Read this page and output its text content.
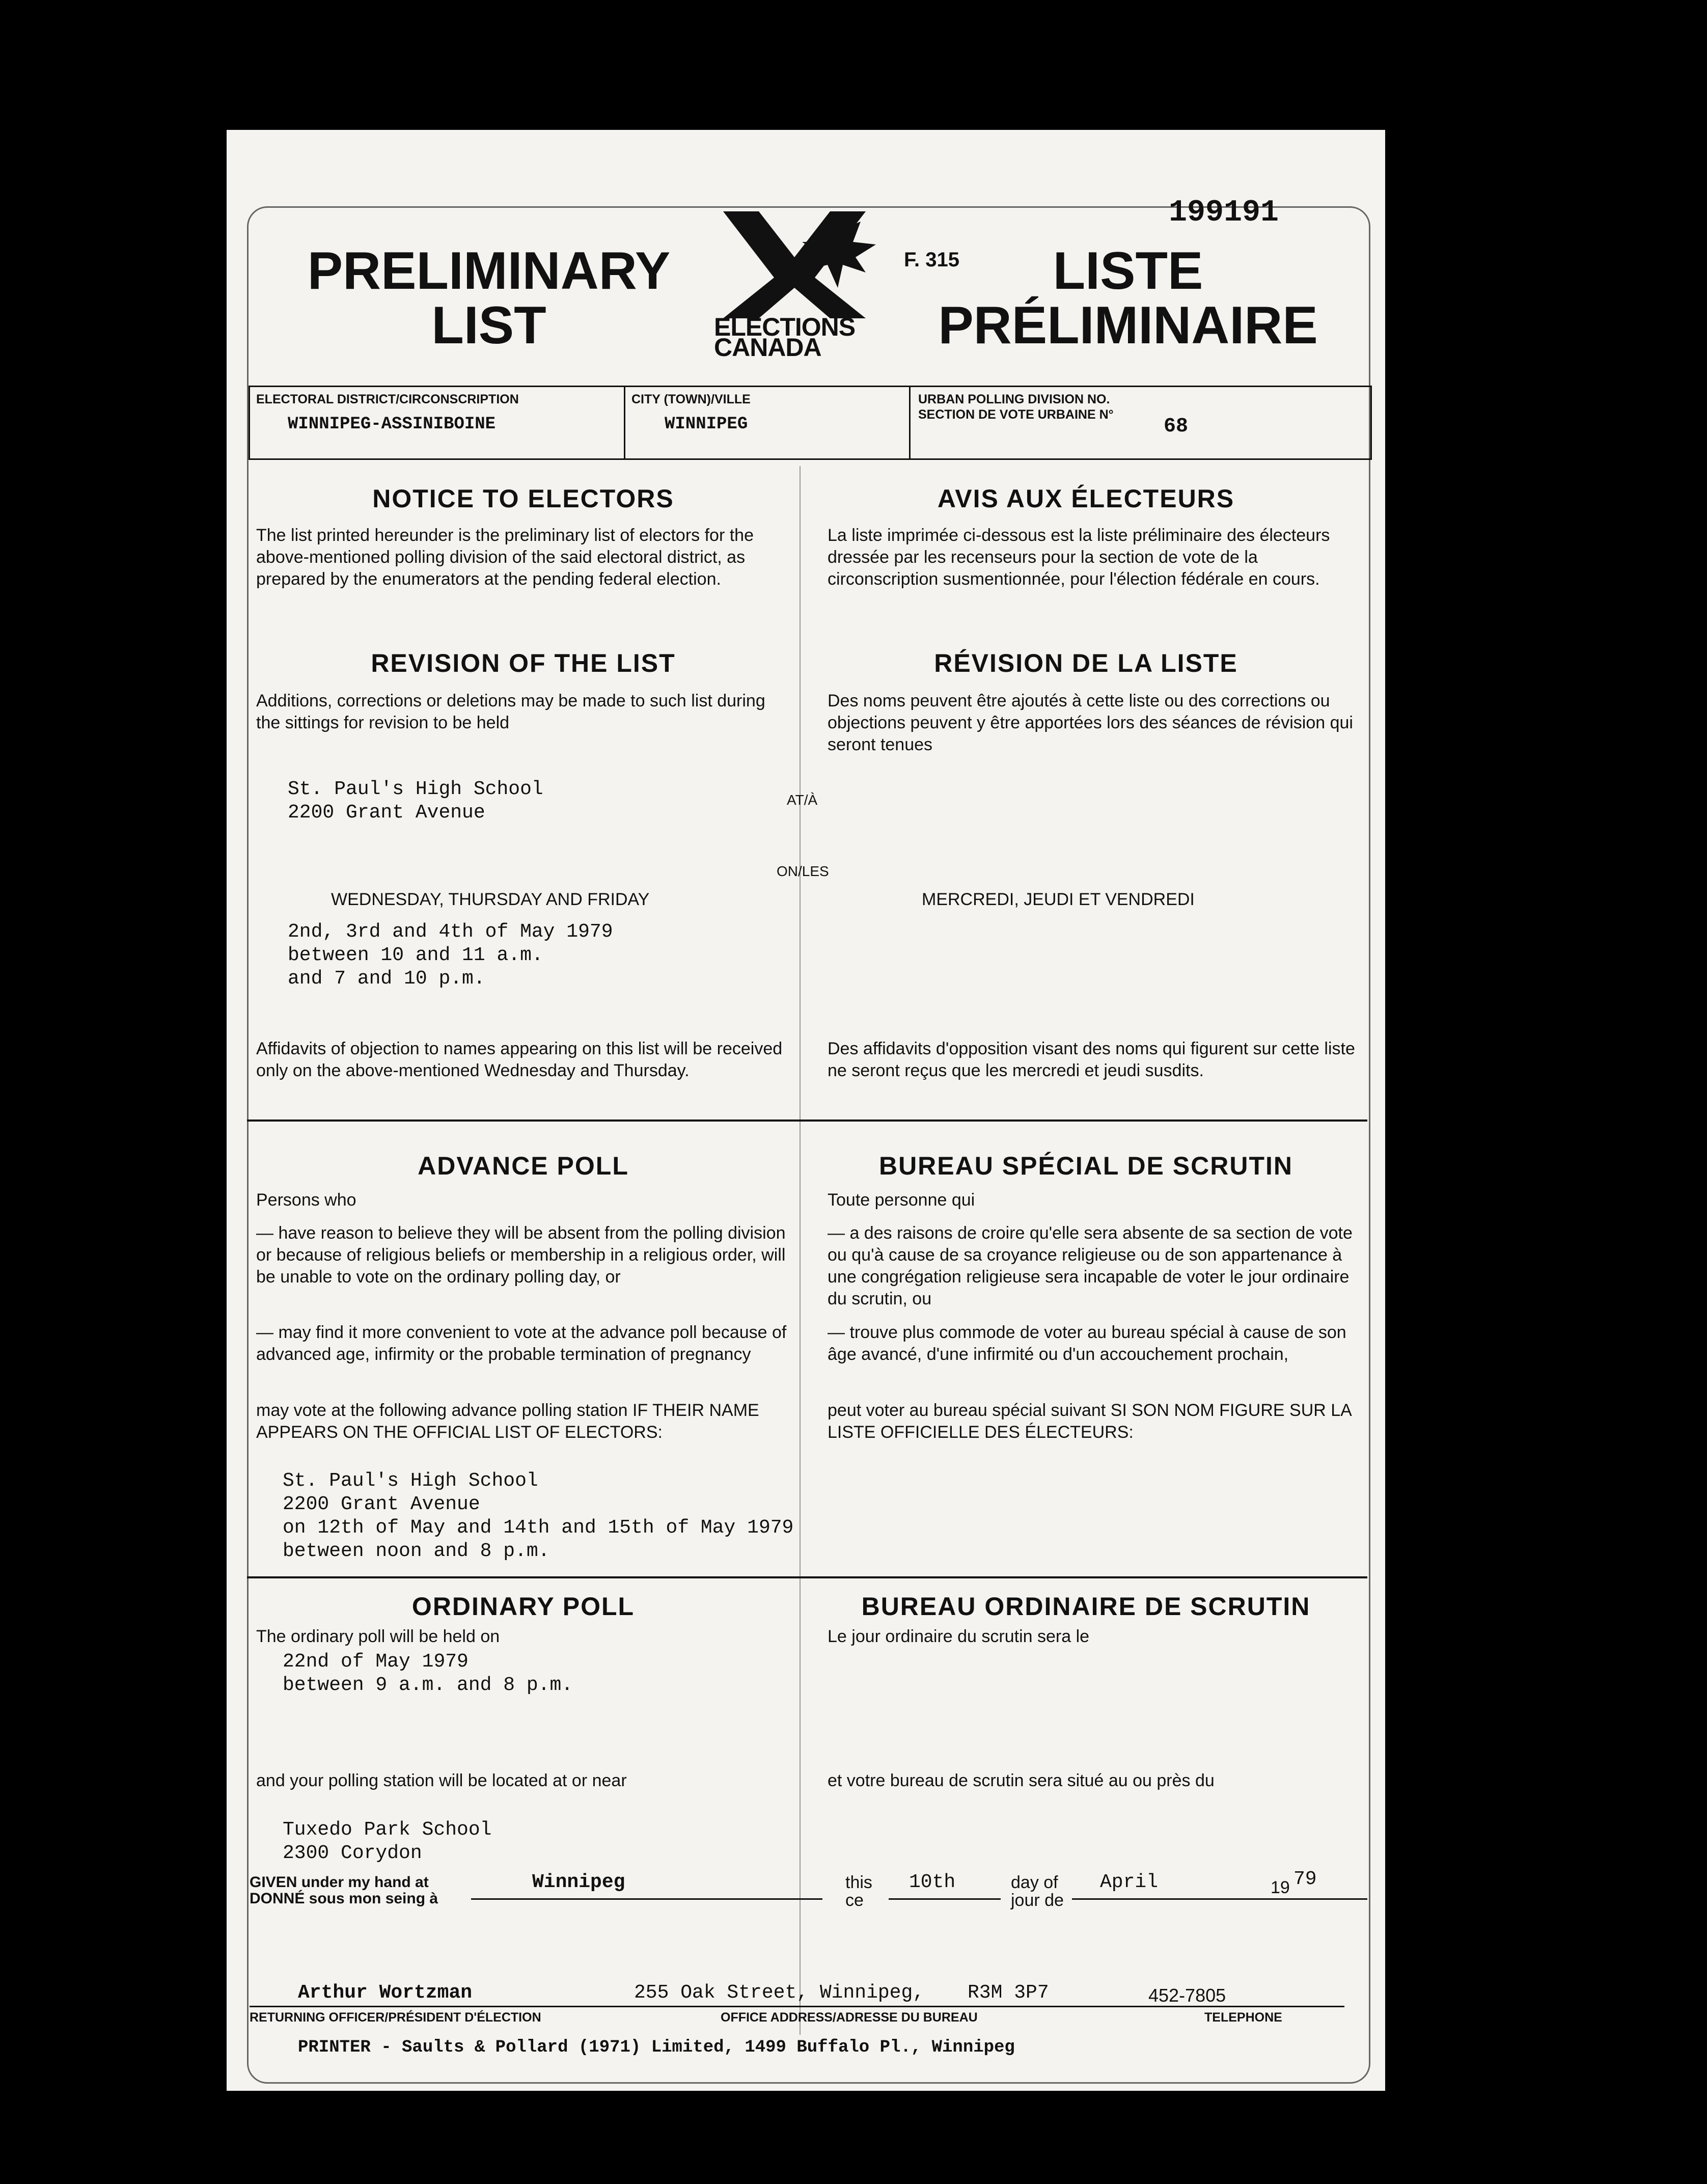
199191
PRELIMINARY
LIST	ELECTIONS
CANADA
F. 315	LISTE
PRÉLIMINAIRE
ELECTORAL DISTRICT/CIRCONSCRIPTION
WINNIPEG-ASSINIBOINE
CITY (TOWN)/VILLE
WINNIPEG
URBAN POLLING DIVISION NO.
SECTION DE VOTE URBAINE N°
68
NOTICE TO ELECTORS	AVIS AUX ÉLECTEURS
The list printed hereunder is the preliminary list of electors for the above-mentioned polling division of the said electoral district, as prepared by the enumerators at the pending federal election.
La liste imprimée ci-dessous est la liste préliminaire des électeurs dressée par les recenseurs pour la section de vote de la circonscription susmentionnée, pour l'élection fédérale en cours.
REVISION OF THE LIST	RÉVISION DE LA LISTE
Additions, corrections or deletions may be made to such list during the sittings for revision to be held
Des noms peuvent être ajoutés à cette liste ou des corrections ou objections peuvent y être apportées lors des séances de révision qui seront tenues
St. Paul's High School
2200 Grant Avenue
AT/À
ON/LES
WEDNESDAY, THURSDAY AND FRIDAY	MERCREDI, JEUDI ET VENDREDI
2nd, 3rd and 4th of May 1979
between 10 and 11 a.m.
and 7 and 10 p.m.
Affidavits of objection to names appearing on this list will be received only on the above-mentioned Wednesday and Thursday.
Des affidavits d'opposition visant des noms qui figurent sur cette liste ne seront reçus que les mercredi et jeudi susdits.
ADVANCE POLL	BUREAU SPÉCIAL DE SCRUTIN
Persons who	Toute personne qui
— have reason to believe they will be absent from the polling division or because of religious beliefs or membership in a religious order, will be unable to vote on the ordinary polling day, or
— may find it more convenient to vote at the advance poll because of advanced age, infirmity or the probable termination of pregnancy
— a des raisons de croire qu'elle sera absente de sa section de vote ou qu'à cause de sa croyance religieuse ou de son appartenance à une congrégation religieuse sera incapable de voter le jour ordinaire du scrutin, ou
— trouve plus commode de voter au bureau spécial à cause de son âge avancé, d'une infirmité ou d'un accouchement prochain,
may vote at the following advance polling station IF THEIR NAME APPEARS ON THE OFFICIAL LIST OF ELECTORS:
peut voter au bureau spécial suivant SI SON NOM FIGURE SUR LA LISTE OFFICIELLE DES ÉLECTEURS:
St. Paul's High School
2200 Grant Avenue
on 12th of May and 14th and 15th of May 1979
between noon and 8 p.m.
ORDINARY POLL	BUREAU ORDINAIRE DE SCRUTIN
The ordinary poll will be held on	Le jour ordinaire du scrutin sera le
22nd of May 1979
between 9 a.m. and 8 p.m.
and your polling station will be located at or near	et votre bureau de scrutin sera situé au ou près du
Tuxedo Park School
2300 Corydon
GIVEN under my hand at
DONNÉ sous mon seing à
Winnipeg	this
ce
10th	day of
jour de
April	19 79
Arthur Wortzman	255 Oak Street, Winnipeg, R3M 3P7	452-7805
RETURNING OFFICER/PRÉSIDENT D'ÉLECTION	OFFICE ADDRESS/ADRESSE DU BUREAU	TELEPHONE
PRINTER - Saults & Pollard (1971) Limited, 1499 Buffalo Pl., Winnipeg
